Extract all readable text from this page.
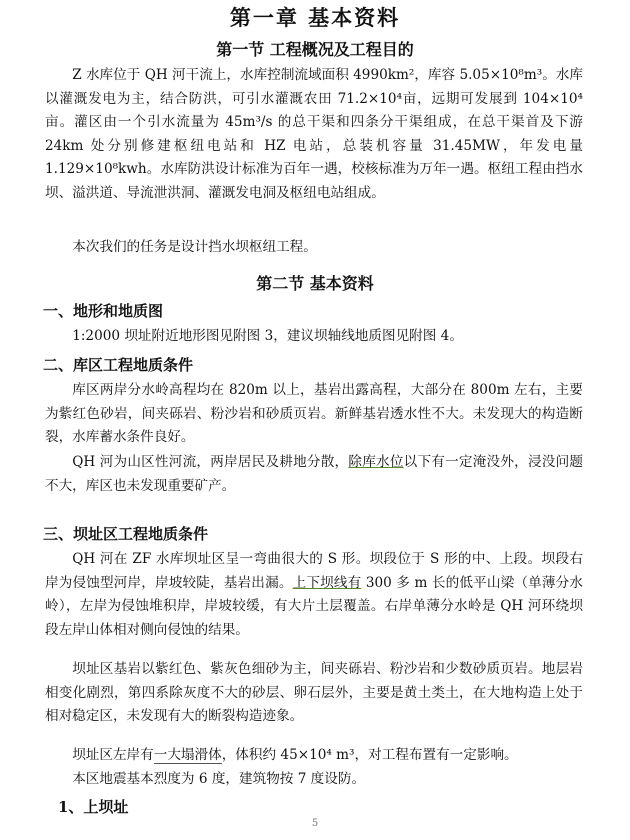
第一章 基本资料
第一节 工程概况及工程目的

Z 水库位于 QH 河干流上，水库控制流域面积 4990km²，库容 5.05×10⁸m³。水库以灌溉发电为主，结合防洪，可引水灌溉农田 71.2×10⁴亩，远期可发展到 104×10⁴亩。灌区由一个引水流量为 45m³/s 的总干渠和四条分干渠组成，在总干渠首及下游 24km 处分别修建枢纽电站和 HZ 电站，总装机容量 31.45MW，年发电量 1.129×10⁸kwh。水库防洪设计标准为百年一遇，校核标准为万年一遇。枢纽工程由挡水坝、溢洪道、导流泄洪洞、灌溉发电洞及枢纽电站组成。

本次我们的任务是设计挡水坝枢纽工程。

第二节 基本资料
一、地形和地质图

1:2000 坝址附近地形图见附图 3，建议坝轴线地质图见附图 4。

二、库区工程地质条件

库区两岸分水岭高程均在 820m 以上，基岩出露高程，大部分在 800m 左右，主要为紫红色砂岩，间夹砾岩、粉沙岩和砂质页岩。新鲜基岩透水性不大。未发现大的构造断裂，水库蓄水条件良好。

QH 河为山区性河流，两岸居民及耕地分散，除库水位以下有一定淹没外，浸没问题不大，库区也未发现重要矿产。

三、坝址区工程地质条件

QH 河在 ZF 水库坝址区呈一弯曲很大的 S 形。坝段位于 S 形的中、上段。坝段右岸为侵蚀型河岸，岸坡较陡，基岩出漏。上下坝线有 300 多 m 长的低平山梁（单薄分水岭），左岸为侵蚀堆积岸，岸坡较缓，有大片土层覆盖。右岸单薄分水岭是 QH 河环绕坝段左岸山体相对侧向侵蚀的结果。

坝址区基岩以紫红色、紫灰色细砂为主，间夹砾岩、粉沙岩和少数砂质页岩。地层岩相变化剧烈，第四系除灰度不大的砂层、卵石层外，主要是黄土类土，在大地构造上处于相对稳定区，未发现有大的断裂构造迹象。

坝址区左岸有一大塌滑体，体积约 45×10⁴ m³，对工程布置有一定影响。

本区地震基本烈度为 6 度，建筑物按 7 度设防。

1、上坝址
5
